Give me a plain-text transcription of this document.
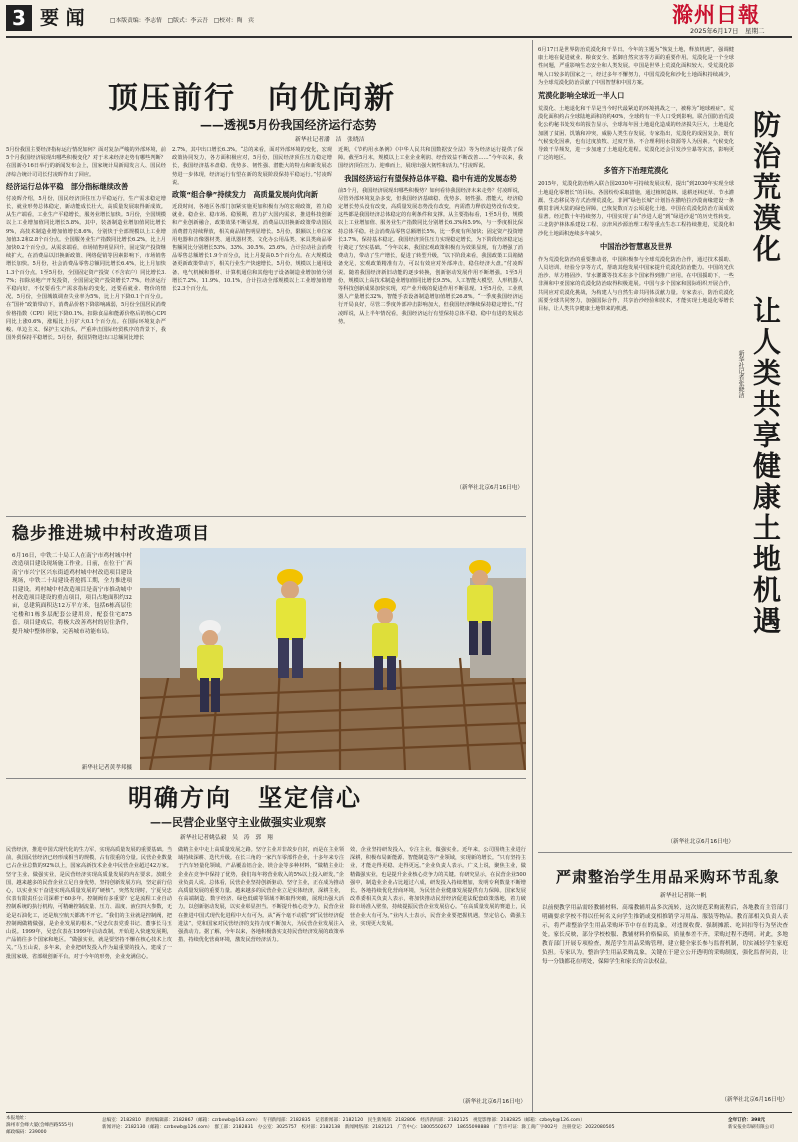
3 要 闻	□本版责编：李志情　□版式：李云吾　□校对：陶　宾	滁州日報
2025年6月17日　星期二
顶压前行　向优向新
——透视5月份我国经济运行态势
新华社记者潘　洁　张晓洁
5月份我国主要经济指标运行情况如何？面对复杂严峻的外部环境，前5个月我国经济展现出哪些积极变化？对于未来经济走势有哪些判断？在国新办16日举行的新闻发布会上，国家统计局新闻发言人、国民经济综合统计司司长付凌晖作出了回应。
经济运行总体平稳　部分指标继续改善
付凌晖介绍，5月份，国民经济顶住压力平稳运行，生产需求稳定增长，就业形势总体稳定，新动能成长壮大，高质量发展取得新成效。从生产端看，工业生产平稳增长，服务业增长加快。5月份，全国规模以上工业增加值同比增长5.8%。其中，装备制造业增加值同比增长9%，高技术制造业增加值增长8.6%，分别快于全部规模以上工业增加值3.2和2.8个百分点。全国服务业生产指数同比增长6.2%，比上月加快0.2个百分点。从需求端看，市场销售明显回升，固定资产投资继续扩大。在消费品以旧换新政策、网络促销等因素影响下，市场销售增长加快。5月份，社会消费品零售总额同比增长6.4%，比上月加快1.3个百分点。1至5月份，全国固定资产投资（不含农户）同比增长3.7%；扣除房地产开发投资，全国固定资产投资增长7.7%。经济运行平稳向好，不仅要看生产需求指标的变化，还要看就业、物价的情况。5月份，全国城镇调查失业率为5%，比上月下降0.1个百分点。在“国补”政策带动下，消费品价格下降影响减弱，5月份全国居民消费价格指数（CPI）同比下降0.1%。扣除食品和能源价格后的核心CPI同比上涨0.6%，涨幅比上月扩大0.1个百分点。在国际环境复杂严峻、单边主义、保护主义抬头，严重冲击国际经贸秩序的背景下，我国外贸保持平稳增长。5月份，我国货物进出口总额同比增长
2.7%，其中出口增长6.3%。“总的来看，面对外部环境的变化，宏观政策协同发力，各方面积极应对，5月份，国民经济顶住压力稳定增长，我国经济基本盘稳、优势多、韧性强、潜能大的特点和新发展态势进一步体现，经济运行有望在新的发展阶段保持平稳运行。”付凌晖说。
政策“组合拳”持续发力　高质量发展向优向新
近段时间，各地区各部门加紧实施更加积极有为的宏观政策，着力稳就业、稳企业、稳市场、稳预期，着力扩大国内需求，推进科技创新和产业创新融合，政策效果不断显现。消费品以旧换新政策带动国民消费潜力持续释放，相关商品销售明显增长。5月份，限额以上单位家用电器和音像器材类、通讯器材类、文化办公用品类、家具类商品零售额同比分别增长53%、33%、30.5%、25.6%，合计拉动社会消费品零售总额增长1.9个百分点，比上月提高0.5个百分点。在大规模设备更新政策带动下，相关行业生产快速增长。5月份，规模以上通用设备、电气机械和器材、计算机通信和其他电子设备制造业增加值分别增长7.2%、11.9%、10.1%，合计拉动全部规模以上工业增加值增长2.3个百分点。
近期，《节约用水条例》《中华人民共和国数据安全法》等为经济运行提供了保障。截至5月末，规模以上工业企业利润、经营效益不断改善……“今年以来，我国经济顶住压力、迎难而上，展现出强大韧性和活力。”付凌晖说。
我国经济运行有望保持总体平稳、稳中有进的发展态势
前5个月，我国经济展现出哪些积极势？如何看待我国经济未来走势？付凌晖说，尽管外部环境复杂多变，但我国经济基础稳、优势多、韧性强、潜能大，经济稳定增长势头没有改变，高质量发展态势没有改变，内需潜力释放趋势没有改变。这些都是我国经济总体稳定的有利条件和支撑。从主要指标看，1至5月份，规模以上工业增加值、服务业生产指数同比分别增长6.3%和5.9%，与一季度相比保持总体平稳。社会消费品零售总额增长5%，比一季度有所加快；固定资产投资增长3.7%，保持基本稳定。我国经济顶住压力实现稳定增长，为下阶段经济稳定运行奠定了坚实基础。“今年以来，我国宏观政策积极有为效果显现，有力增强了消费动力，带动了生产增长，促进了转型升级，“以下阶段来看，我国政策工具箱储备充足，宏观政策精准有力，可以有效应对外部冲击，稳住经济大盘。”付凌晖说。随着我国经济新旧动能的逐步转换，创新驱动发展作用不断增强。1至5月份，规模以上高技术制造业增加值同比增长9.5%。人工智能大模型、人形机器人等科技创新成果加快实现，对产业升级的促进作用不断显现。1至5月份，工业机器人产量增长32%，智能手表设备制造增加值增长26.8%。“一季度我国经济运行开局良好，尽管二季度外部冲击影响加大，但我国经济继续保持稳定增长。”付凌晖说，从上半年情况看，我国经济运行有望保持总体平稳、稳中有进的发展态势。
（新华社北京6月16日电）
稳步推进城中村改造项目
6月16日，中铁二十局工人在南宁市鸡村城中村改造项目建设现场施工作业。日前，在位于广西南宁市兴宁区兴东街道鸡村城中村改造项目建设现场，中铁二十局建设者抢抓工期，全力推进项目建设。鸡村城中村改造项目是南宁市推动城中村改造项目建设的重点项目，项目占地面积约32亩，总建筑面积达12万平方米，包括6栋高层住宅楼和1栋多层配套公建用房，配套住宅875套。项目建成后，将极大改善鸡村的居住条件，提升城中整体形象，完善城市功能布局。
新华社记者黄孝邦摄
明确方向　坚定信心
——民营企业坚守主业做强实业观察
新华社记者姚弘毅　吴　涛　郭　翔
民营经济，推进中国式现代化的生力军，实现高质量发展的重要基础。当前，我国民营经济已经形成相当的规模，占有很重的分量。民营企业数量已占企业总数的92%以上，国家高新技术企业中民营企业超过42万家。坚守主业、做强实业，是民营经济实现高质量发展的内在要求。放眼全国，越来越多的民营企业立足自身优势，坚持创新发展方向，坚定前行信心，以实业实干奋进实现高质量发展的“硬核”。突然发现时，宁夏吴忠仪表有限责任公司深耕于60多年。控制阀有多重要？它是流程工业自动控制系统的执行机构，可精确控制流量、压力、温度、液位四大参数，无论是石油化工，还是航空航天都离不开它。“我们的主业就是控制阀，把控制阀做精做强，是企业发展的根本。”吴忠仪表党委书记、董事长马玉山说。1999年，吴忠仪表在1999年启动改制，开始进入快速发展期，产品销往多个国家和地区。“做强实业，就是要坚持不懈在核心技术上攻关。”马玉山说，多年来，企业把研发投入作为最重要的投入，建成了一批国家级、省部级创新平台。对于今年的形势，企业充满信心。
做精主业中走上高质量发展之路。坚守主业并非故步自封，而是在主业领域持续深耕、迭代升级。在长三角的一家汽车零部件企业，十多年来专注于汽车轻量化领域，产品覆盖铝合金、镁合金等多种材料，“做精主业让企业在竞争中保持了优势，我们每年将营业收入的5%以上投入研发。”企业负责人说。总体看，民营企业坚持创新驱动、坚守主业，正在成为推动高质量发展的重要力量。越来越多的民营企业立足实体经济，深耕主业，在高端制造、数字经济、绿色低碳等领域不断取得突破，展现出强大活力。以创新驱动发展，以实业彰显担当。不断提升核心竞争力，民营企业在推进中国式现代化进程中大有可为。从“两个毫不动摇”到“民营经济促进法”，党和国家对民营经济的支持力度不断加大，为民营企业发展注入强劲动力。据了解，今年以来，各地积极落实支持民营经济发展的政策举措，持续优化营商环境，激发民营经济活力。
效，企业坚持研发投入，专注主业，做强实业。近年来，公司围绕主业进行深耕，积极布局新能源、智能制造等产业领域，实现新的增长。“只有坚持主业，才能走得更稳、走得更远。”企业负责人表示。广义上说，聚焦主业，做精做强实业，也是提升企业核心竞争力的关键。有研究显示，在民营企业500强中，制造业企业占比超过六成，研发投入持续增加，发明专利数量不断增长。各地持续优化营商环境，为民营企业健康发展提供有力保障。国家发展改革委相关负责人表示，将加快推动民营经济促进法配套政策落地，着力破除市场准入壁垒，持续提振民营企业发展信心。“在高质量发展的赛道上，民营企业大有可为。”业内人士表示，民营企业要把握机遇，坚定信心，做强主业，实现更大发展。
（新华社北京6月16日电）
6月17日是世界防治荒漠化和干旱日。今年的主题为“恢复土地，释放机遇”，强调健康土地在促进就业、粮食安全、抵御自然灾害等方面的重要作用。荒漠化是一个全球性问题，严重影响生态安全和人类发展。中国是世界上荒漠化面积较大、受荒漠化影响人口较多的国家之一，经过多年不懈努力，中国荒漠化和沙化土地面积持续减少，为全球荒漠化防治贡献了中国智慧和中国方案。
荒漠化影响全球近一半人口
荒漠化、土地退化和干旱是当今时代最紧迫的环境挑战之一，被称为“地球癌症”。荒漠化面积约占全球陆地面积的约40%，全球约有一半人口受到影响。联合国防治荒漠化公约秘书处发布的报告显示，全球每年因土地退化造成的经济损失巨大，土地退化加剧了贫困、饥饿和冲突，威胁人类生存发展。专家指出，荒漠化的成因复杂，既有气候变化因素，也有过度放牧、过度开垦、不合理利用水资源等人为因素。气候变化导致干旱频发，进一步加速了土地退化进程。荒漠化还会引发沙尘暴等灾害，影响更广泛的地区。
多管齐下治理荒漠化
2015年，荒漠化防治纳入联合国2030年可持续发展议程，提出“到2030年实现全球土地退化零增长”的目标。各国纷纷采取措施，通过植树造林、退耕还林还草、节水灌溉、生态移民等方式治理荒漠化。非洲“绿色长城”计划旨在撒哈拉沙漠南缘建设一条横贯非洲大陆的绿色屏障，已恢复数百万公顷退化土地。中国在荒漠化防治方面成效显著。经过数十年持续努力，中国实现了由“沙进人退”到“绿进沙退”的历史性转变。三北防护林体系建设工程、京津风沙源治理工程等重点生态工程持续推进，荒漠化和沙化土地面积连续多年减少。
中国治沙智慧惠及世界
作为荒漠化防治的重要推动者，中国积极参与全球荒漠化防治合作，通过技术援助、人员培训、经验分享等方式，帮助其他发展中国家提升荒漠化防治能力。中国的光伏治沙、草方格固沙、节水灌溉等技术在多个国家得到推广应用。在中国援助下，一些非洲和中亚国家的荒漠化防治取得积极进展。中国与多个国家和国际组织开展合作，共同应对荒漠化挑战，为构建人与自然生命共同体贡献力量。专家表示，防治荒漠化需要全球共同努力，加强国际合作，共享治沙经验和技术，才能实现土地退化零增长目标，让人类共享健康土地带来的机遇。
（新华社北京6月16日电）
防治荒漠化　让人类共享健康土地机遇
新华社记者张晓洁
严肃整治学生用品采购环节乱象
新华社记者陈一帆
以前便教学用品需经教辅材料、高端教辅用品多次流转，这次规范采购流程后，各地教育主管部门明确要求学校不得以任何名义向学生推销或变相推销学习用品、服装等物品。教育部相关负责人表示，将严肃整治学生用品采购环节中存在的乱象，对违规收费、强制摊派、吃回扣等行为坚决查处。家长反映，部分学校校服、教辅材料价格偏高，质量参差不齐，采购过程不透明。对此，多地教育部门开展专项检查，规范学生用品采购管理，建立健全家长参与监督机制，切实减轻学生家庭负担。专家认为，整治学生用品采购乱象，关键在于建立公开透明的采购制度，强化监督问责，让每一分钱都花在明处，保障学生和家长的合法权益。
（新华社北京6月16日电）
本报地址：
滁州市会峰大厦(会峰西路555号)
邮政编码：239000
总编室：2182810　新闻编辑部：2182867（邮箱：czrbxwb@163.com）　专刊新闻部：2182835　记者新闻部：2182120　民生新闻部：2182806　经济新闻部：2182125　视觉影像部：2182825（邮箱：czbeyb@126.com）
新闻评论：2182130（邮箱：czrbxwb@126.com）　群工部：2182831　办公室：3025757　校对部：2182138　新闻网络部：2182121　广告中心：18005502677　18655098888　广告许可证：滁工商广字002号　注册登记：2022080505
全年订价：398元
新安报业印刷有限公司
